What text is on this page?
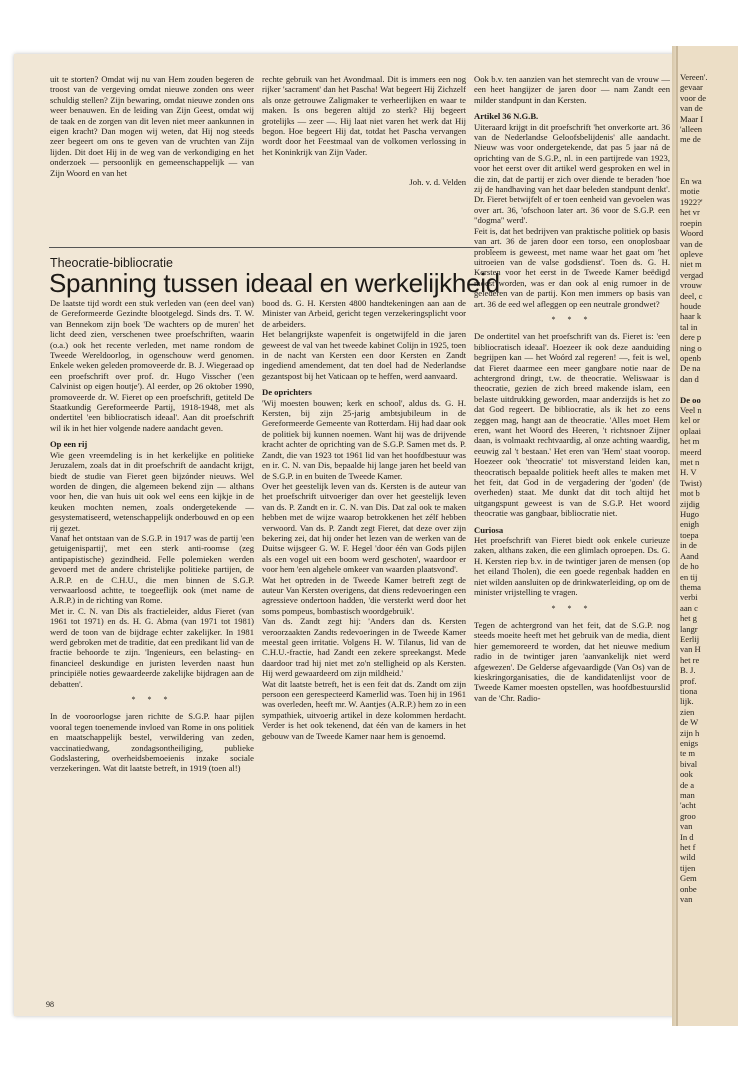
uit te storten? Omdat wij nu van Hem zouden begeren de troost van de vergeving omdat nieuwe zonden ons weer schuldig stellen? Zijn bewaring, omdat nieuwe zonden ons weer benauwen. En de leiding van Zijn Geest, omdat wij de taak en de zorgen van dit leven niet meer aankunnen in eigen kracht? Dan mogen wij weten, dat Hij nog steeds zeer begeert om ons te geven van de vruchten van Zijn lijden. Dit doet Hij in de weg van de verkondiging en het onderzoek — persoonlijk en gemeenschappelijk — van Zijn Woord en van het

rechte gebruik van het Avondmaal. Dit is immers een nog rijker 'sacrament' dan het Pascha! Wat begeert Hij Zichzelf als onze getrouwe Zaligmaker te verheerlijken en waar te maken. Is ons begeren altijd zo sterk? Hij begeert grotelijks — zeer —. Hij laat niet varen het werk dat Hij begon. Hoe begeert Hij dat, totdat het Pascha vervangen wordt door het Feestmaal van de volkomen verlossing in het Koninkrijk van Zijn Vader.

Joh. v. d. Velden
Theocratie-bibliocratie
Spanning tussen ideaal en werkelijkheid

De laatste tijd wordt een stuk verleden van (een deel van) de Gereformeerde Gezindte blootgelegd. Sinds drs. T. W. van Bennekom zijn boek 'De wachters op de muren' het licht deed zien, verschenen twee proefschriften, waarin (o.a.) ook het recente verleden, met name rondom de Tweede Wereldoorlog, in ogenschouw werd genomen. Enkele weken geleden promoveerde dr. B. J. Wiegeraad op een proefschrift over prof. dr. Hugo Visscher ('een Calvinist op eigen houtje'). Al eerder, op 26 oktober 1990, promoveerde dr. W. Fieret op een proefschrift, getiteld De Staatkundig Gereformeerde Partij, 1918-1948, met als ondertitel 'een bibliocratisch ideaal'. Aan dit proefschrift wil ik in het hier volgende nadere aandacht geven.

Op een rij

Wie geen vreemdeling is in het kerkelijke en politieke Jeruzalem, zoals dat in dit proefschrift de aandacht krijgt, biedt de studie van Fieret geen bijzónder nieuws. Wel worden de dingen, die algemeen bekend zijn — althans voor hen, die van huis uit ook wel eens een kijkje in de keuken mochten nemen, zoals ondergetekende — gesystematiseerd, wetenschappelijk onderbouwd en op een rij gezet.

Vanaf het ontstaan van de S.G.P. in 1917 was de partij 'een getuigenispartij', met een sterk anti-roomse (zeg antipapistische) gezindheid. Felle polemieken werden gevoerd met de andere christelijke politieke partijen, de A.R.P. en de C.H.U., die men binnen de S.G.P. verwaarloosd achtte, te toegeeflijk ook (met name de A.R.P.) in de richting van Rome.

Met ir. C. N. van Dis als fractieleider, aldus Fieret (van 1961 tot 1971) en ds. H. G. Abma (van 1971 tot 1981) werd de toon van de bijdrage echter zakelijker. In 1981 werd gebroken met de traditie, dat een predikant lid van de fractie behoorde te zijn. 'Ingenieurs, een belasting- en financieel deskundige en juristen leverden naast hun principiële noties gewaardeerde zakelijke bijdragen aan de debatten'.

* * *

In de vooroorlogse jaren richtte de S.G.P. haar pijlen vooral tegen toenemende invloed van Rome in ons politiek en maatschappelijk bestel, verwildering van zeden, vaccinatiedwang, zondagsontheiliging, publieke Godslastering, overheidsbemoeienis inzake sociale verzekeringen. Wat dit laatste betreft, in 1919 (toen al!)

bood ds. G. H. Kersten 4800 handtekeningen aan aan de Minister van Arbeid, gericht tegen verzekeringsplicht voor de arbeiders.

Het belangrijkste wapenfeit is ongetwijfeld in die jaren geweest de val van het tweede kabinet Colijn in 1925, toen in de nacht van Kersten een door Kersten en Zandt ingediend amendement, dat ten doel had de Nederlandse gezantspost bij het Vaticaan op te heffen, werd aanvaard.

De oprichters

'Wij moesten bouwen; kerk en school', aldus ds. G. H. Kersten, bij zijn 25-jarig ambtsjubileum in de Gereformeerde Gemeente van Rotterdam. Hij had daar ook de politiek bij kunnen noemen. Want hij was de drijvende kracht achter de oprichting van de S.G.P. Samen met ds. P. Zandt, die van 1923 tot 1961 lid van het hoofdbestuur was en ir. C. N. van Dis, bepaalde hij lange jaren het beeld van de S.G.P. in en buiten de Tweede Kamer.

Over het geestelijk leven van ds. Kersten is de auteur van het proefschrift uitvoeriger dan over het geestelijk leven van ds. P. Zandt en ir. C. N. van Dis. Dat zal ook te maken hebben met de wijze waarop betrokkenen het zélf hebben verwoord. Van ds. P. Zandt zegt Fieret, dat deze over zijn bekering zei, dat hij onder het lezen van de werken van de Duitse wijsgeer G. W. F. Hegel 'door één van Gods pijlen als een vogel uit een boom werd geschoten', waardoor er voor hem 'een algehele omkeer van waarden plaatsvond'.

Wat het optreden in de Tweede Kamer betreft zegt de auteur Van Kersten overigens, dat diens redevoeringen een agressieve ondertoon hadden, 'die versterkt werd door het soms pompeus, bombastisch woordgebruik'.

Van ds. Zandt zegt hij: 'Anders dan ds. Kersten veroorzaakten Zandts redevoeringen in de Tweede Kamer meestal geen irritatie. Volgens H. W. Tilanus, lid van de C.H.U.-fractie, had Zandt een zekere spreekangst. Mede daardoor trad hij niet met zo'n stelligheid op als Kersten. Hij werd gewaardeerd om zijn mildheid.'

Wat dit laatste betreft, het is een feit dat ds. Zandt om zijn persoon een gerespecteerd Kamerlid was. Toen hij in 1961 was overleden, heeft mr. W. Aantjes (A.R.P.) hem zo in een sympathiek, uitvoerig artikel in deze kolommen herdacht. Verder is het ook tekenend, dat één van de kamers in het gebouw van de Tweede Kamer naar hem is genoemd.

Ook b.v. ten aanzien van het stemrecht van de vrouw — een heet hangijzer de jaren door — nam Zandt een milder standpunt in dan Kersten.

Artikel 36 N.G.B.

Uiteraard krijgt in dit proefschrift 'het onverkorte art. 36 van de Nederlandse Geloofsbelijdenis' alle aandacht. Nieuw was voor ondergetekende, dat pas 5 jaar ná de oprichting van de S.G.P., nl. in een partijrede van 1923, voor het eerst over dit artikel werd gesproken en wel in die zin, dat de partij er zich over diende te beraden 'hoe zij de handhaving van het daar beleden standpunt denkt'. Dr. Fieret betwijfelt of er toen eenheid van gevoelen was over art. 36, 'ofschoon later art. 36 voor de S.G.P. een "dogma" werd'.

Feit is, dat het bedrijven van praktische politiek op basis van art. 36 de jaren door een torso, een onoplosbaar probleem is geweest, met name waar het gaat om 'het uitroeien van de valse godsdienst'. Toen ds. G. H. Kersten voor het eerst in de Tweede Kamer beëdigd moest worden, was er dan ook al enig rumoer in de gelederen van de partij. Kon men immers op basis van art. 36 de eed wel afleggen op een neutrale grondwet?

* * *

De ondertitel van het proefschrift van ds. Fieret is: 'een bibliocratisch ideaal'. Hoezeer ik ook deze aanduiding begrijpen kan — het Woórd zal regeren! —, feit is wel, dat Fieret daarmee een meer gangbare notie naar de achtergrond dringt, t.w. de theocratie. Weliswaar is theocratie, gezien de zich breed makende islam, een belaste uitdrukking geworden, maar anderzijds is het zo dat God regeert. De bibliocratie, als ik het zo eens zeggen mag, hangt aan de theocratie. 'Alles moet Hem eren, want het Woord des Heeren, 't richtsnoer Zijner daan, is volmaakt rechtvaardig, al onze achting waardig, eeuwig zal 't bestaan.' Het eren van 'Hem' staat voorop. Hoezeer ook 'theocratie' tot misverstand leiden kan, theocratisch bepaalde politiek heeft alles te maken met het feit, dat God in de vergadering der 'goden' (de overheden) staat. Me dunkt dat dit toch altijd het uitgangspunt geweest is van de S.G.P. Het woord theocratie was gangbaar, bibliocratie niet.

Curiosa

Het proefschrift van Fieret biedt ook enkele curieuze zaken, althans zaken, die een glimlach oproepen. Ds. G. H. Kersten riep b.v. in de twintiger jaren de mensen (op het eiland Tholen), die een goede regenbak hadden en niet wilden aansluiten op de drinkwaterleiding, op om de minister vrijstelling te vragen.

* * *

Tegen de achtergrond van het feit, dat de S.G.P. nog steeds moeite heeft met het gebruik van de media, dient hier gememoreerd te worden, dat het nieuwe medium radio in de twintiger jaren 'aanvankelijk niet werd afgewezen'. De Gelderse afgevaardigde (Van Os) van de kieskringorganisaties, die de kandidatenlijst voor de Tweede Kamer moesten opstellen, was hoofdbestuurslid van de 'Chr. Radio-

Vereen'.
gevaar
voor de
van de
Maar I
'alleen
me de

En wa
motie
1922?'
het vr
roepin
Woord
van de
opleve
niet m
vergad
vrouw
deel, c
houde
haar k
tal in
dere p
ning o
openb
De na
dan d

De oo
Veel n
kel or
oplaai
het m
meerd
met n
H. V
Twist)
mot b
zijdig
Hugo
enigh
toepa
in de
Aand
de ho
en tij
thema
verbi
aan c
het g
langr
Eerlij
van H
het re
B. J.
prof.
tiona
lijk.
zien
de W
zijn h
enigs
te m
bival
ook
de a
man
'acht
groo
van
In d
het f
wild
tijen
Gem
onbe
van
98
